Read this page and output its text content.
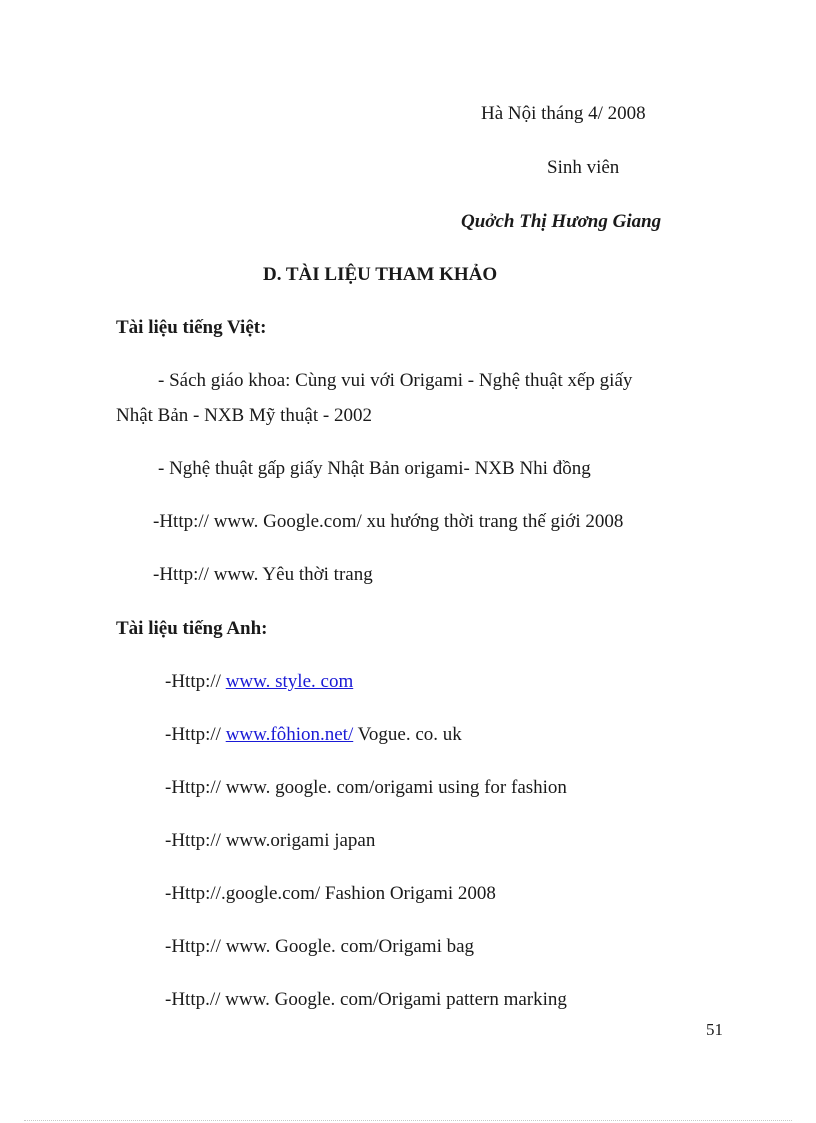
Hà Nội tháng 4/ 2008
Sinh viên
Quởch Thị Hương Giang
D. TÀI LIỆU THAM KHẢO
Tài liệu tiếng Việt:
- Sách giáo khoa: Cùng vui với Origami - Nghệ thuật xếp giấy
Nhật Bản - NXB Mỹ thuật - 2002
- Nghệ thuật gấp giấy Nhật Bản origami- NXB Nhi đồng
-Http:// www. Google.com/ xu hướng thời trang thế giới 2008
-Http:// www. Yêu thời trang
Tài liệu tiếng Anh:
-Http:// www. style. com
-Http:// www.fôhion.net/ Vogue. co. uk
-Http:// www. google. com/origami using for fashion
-Http:// www.origami japan
-Http://.google.com/ Fashion Origami 2008
-Http:// www. Google. com/Origami bag
-Http.// www. Google. com/Origami pattern marking
51
